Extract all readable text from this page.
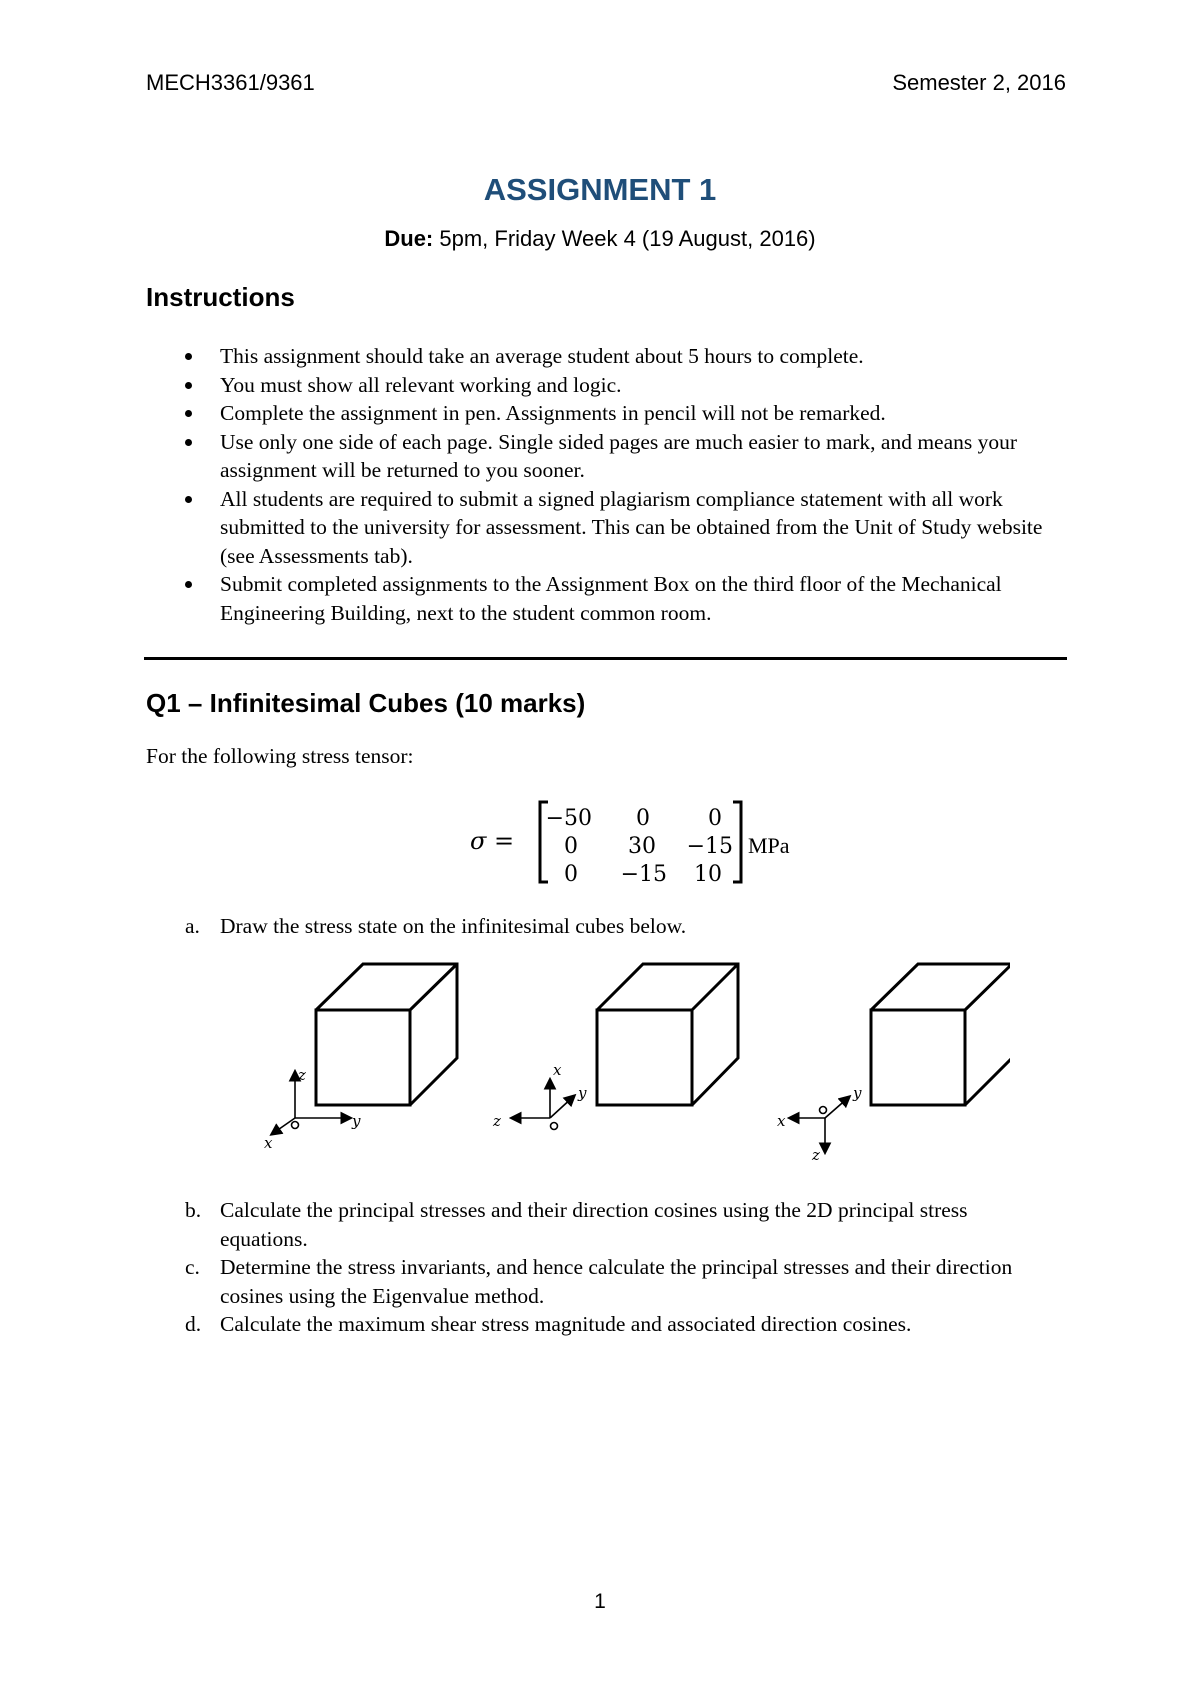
MECH3361/9361	Semester 2, 2016
ASSIGNMENT 1
Due: 5pm, Friday Week 4 (19 August, 2016)
Instructions
This assignment should take an average student about 5 hours to complete.
You must show all relevant working and logic.
Complete the assignment in pen. Assignments in pencil will not be remarked.
Use only one side of each page. Single sided pages are much easier to mark, and means your assignment will be returned to you sooner.
All students are required to submit a signed plagiarism compliance statement with all work submitted to the university for assessment. This can be obtained from the Unit of Study website (see Assessments tab).
Submit completed assignments to the Assignment Box on the third floor of the Mechanical Engineering Building, next to the student common room.
Q1 – Infinitesimal Cubes (10 marks)
For the following stress tensor:
σ =
−50 0	0
0 30 −15
0 −15 10
MPa
a. Draw the stress state on the infinitesimal cubes below.
z
y
x
x
z
y
z
x
y
b. Calculate the principal stresses and their direction cosines using the 2D principal stress equations.
c. Determine the stress invariants, and hence calculate the principal stresses and their direction cosines using the Eigenvalue method.
d. Calculate the maximum shear stress magnitude and associated direction cosines.
1
